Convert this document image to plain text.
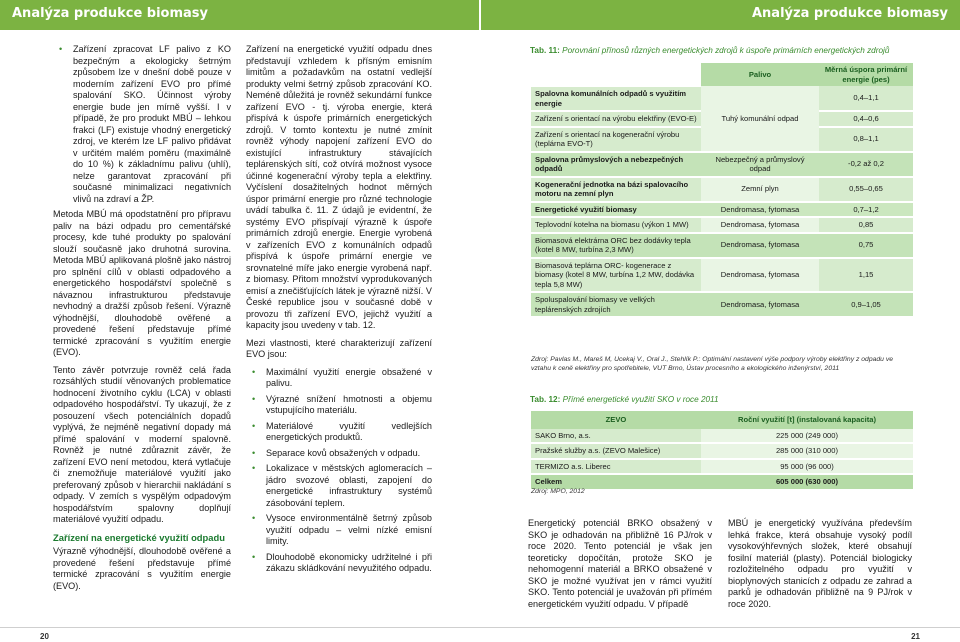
Analýza produkce biomasy	Analýza produkce biomasy
• Zařízení zpracovat LF palivo z KO bezpečným a ekologicky šetrným způsobem lze v dnešní době pouze v moderním zařízení EVO pro přímé spalování SKO. Účinnost výroby energie bude jen mírně vyšší. I v případě, že pro produkt MBÚ – lehkou frakci (LF) existuje vhodný energetický zdroj, ve kterém lze LF palivo přidávat v určitém malém poměru (maximálně do 10 %) k základnímu palivu (uhlí), nelze garantovat zpracování při současné minimalizaci negativních vlivů na zdraví a ŽP.

Metoda MBÚ má opodstatnění pro přípravu paliv na bázi odpadu pro cementářské procesy, kde tuhé produkty po spalování slouží současně jako druhotná surovina. Metoda MBÚ aplikovaná plošně jako nástroj pro splnění cílů v oblasti odpadového a energetického hospodářství společně s návaznou infrastrukturou představuje nevhodný a dražší způsob řešení. Výrazně výhodnější, dlouhodobě ověřené a provedené řešení představuje přímé termické zpracování s využitím energie (EVO).

Tento závěr potvrzuje rovněž celá řada rozsáhlých studií věnovaných problematice hodnocení životního cyklu (LCA) v oblasti odpadového hospodářství. Ty ukazují, že z posouzení všech potenciálních dopadů vyplývá, že nejméně negativní dopady má přímé spalování v moderní spalovně. Rovněž je nutné zdůraznit závěr, že zařízení EVO není metodou, která vytlačuje či znemožňuje materiálové využití jako preferovaný způsob v hierarchii nakládání s odpady. V zemích s vyspělým odpadovým hospodářstvím spalovny doplňují materiálové využití odpadu.

Zařízení na energetické využití odpadu

Výrazně výhodnější, dlouhodobě ověřené a provedené řešení představuje přímé termické zpracování s využitím energie (EVO).

Zařízení na energetické využití odpadu dnes představují vzhledem k přísným emisním limitům a požadavkům na ostatní vedlejší produkty velmi šetrný způsob zpracování KO. Neméně důležitá je rovněž sekundární funkce zařízení EVO - tj. výroba energie, která přispívá k úspoře primárních energetických zdrojů. V tomto kontextu je nutné zmínit rovněž výhody napojení zařízení EVO do existující infrastruktury stávajících teplárenských sítí, což otvírá možnost vysoce účinné kogenerační výroby tepla a elektřiny. Vyčíslení dosažitelných hodnot měrných úspor primární energie pro různé technologie uvádí tabulka č. 11. Z údajů je evidentní, že systémy EVO přispívají výrazně k úspoře primárních zdrojů energie. Energie vyrobená v zařízeních EVO z komunálních odpadů přispívá k úspoře primární energie ve srovnatelné míře jako energie vyrobená např. z biomasy. Přitom množství vyprodukovaných emisí a znečišťujících látek je výrazně nižší. V České republice jsou v současné době v provozu tři zařízení EVO, jejichž využití a kapacity jsou uvedeny v tab. 12.

Mezi vlastnosti, které charakterizují zařízení EVO jsou:

• Maximální využití energie obsažené v palivu.
• Výrazné snížení hmotnosti a objemu vstupujícího materiálu.
• Materiálové využití vedlejších energetických produktů.
• Separace kovů obsažených v odpadu.
• Lokalizace v městských aglomeracích – jádro svozové oblasti, zapojení do energetické infrastruktury systémů zásobování teplem.
• Vysoce environmentálně šetrný způsob využití odpadu – velmi nízké emisní limity.
• Dlouhodobě ekonomicky udržitelné i při zákazu skládkování nevyužitého odpadu.
Tab. 11: Porovnání přínosů různých energetických zdrojů k úspoře primárních energetických zdrojů
	Palivo	Měrná úspora primární energie (pes)
Spalovna komunálních odpadů s využitím energie	Tuhý komunální odpad	0,4–1,1
Zařízení s orientací na výrobu elektřiny (EVO-E)		0,4–0,6
Zařízení s orientací na kogenerační výrobu (teplárna EVO-T)		0,8–1,1
Spalovna průmyslových a nebezpečných odpadů	Nebezpečný a průmyslový odpad	-0,2 až 0,2
Kogenerační jednotka na bázi spalovacího motoru na zemní plyn	Zemní plyn	0,55–0,65
Energetické využití biomasy	Dendromasa, fytomasa	0,7–1,2
Teplovodní kotelna na biomasu (výkon 1 MW)	Dendromasa, fytomasa	0,85
Biomasová elektrárna ORC bez dodávky tepla (kotel 8 MW, turbína 2,3 MW)	Dendromasa, fytomasa	0,75
Biomasová teplárna ORC- kogenerace z biomasy (kotel 8 MW, turbína 1,2 MW, dodávka tepla 5,8 MW)	Dendromasa, fytomasa	1,15
Spoluspalování biomasy ve velkých teplárenských zdrojích	Dendromasa, fytomasa	0,9–1,05
Zdroj: Pavlas M., Mareš M, Ucekaj V., Oral J., Stehlík P.: Optimální nastavení výše podpory výroby elektřiny z odpadu ve vztahu k ceně elektřiny pro spotřebitele, VUT Brno, Ústav procesního a ekologického inženýrství, 2011
Tab. 12: Přímé energetické využití SKO v roce 2011
ZEVO	Roční využití [t] (instalovaná kapacita)
SAKO Brno, a.s.	225 000 (249 000)
Pražské služby a.s. (ZEVO Malešice)	285 000 (310 000)
TERMIZO a.s. Liberec	95 000 (96 000)
Celkem	605 000 (630 000)
Zdroj: MPO, 2012

Energetický potenciál BRKO obsažený v SKO je odhadován na přibližně 16 PJ/rok v roce 2020. Tento potenciál je však jen teoreticky dopočítán, protože SKO je nehomogenní materiál a BRKO obsažené v SKO je možné využívat jen v rámci využití SKO. Tento potenciál je uvažován při přímém energetickém využití odpadu. V případě

MBÚ je energetický využívána především lehká frakce, která obsahuje vysoký podíl vysokovýhřevných složek, které obsahují fosilní materiál (plasty). Potenciál biologicky rozložitelného odpadu pro využití v bioplynových stanicích z odpadu ze zahrad a parků je odhadován přibližně na 9 PJ/rok v roce 2020.

20	21
